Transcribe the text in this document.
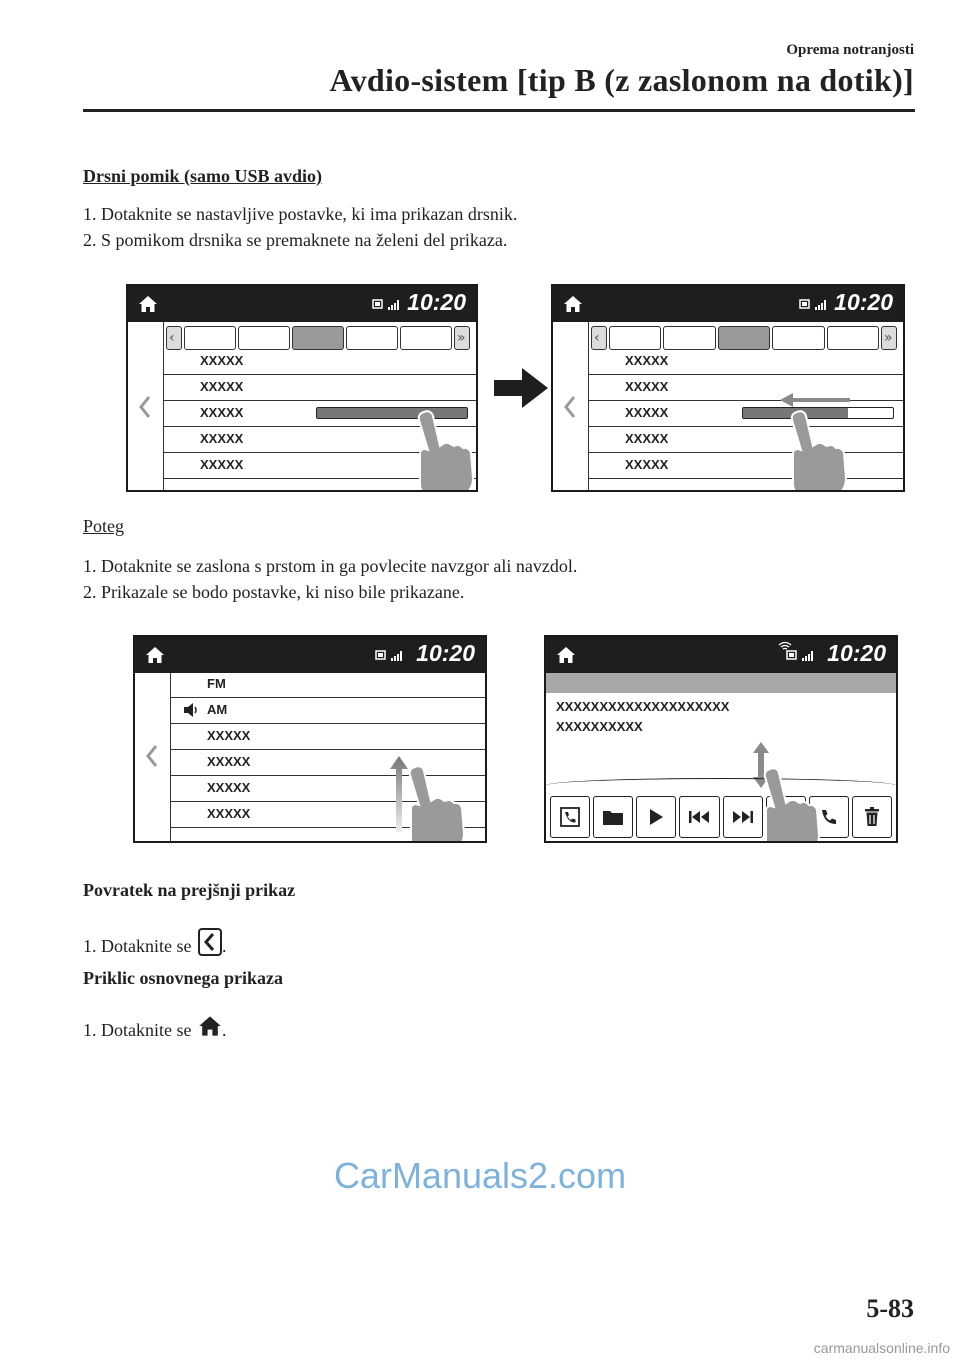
Oprema notranjosti
Avdio-sistem [tip B (z zaslonom na dotik)]
Drsni pomik (samo USB avdio)
1. Dotaknite se nastavljive postavke, ki ima prikazan drsnik.
2. S pomikom drsnika se premaknete na želeni del prikaza.
10:20
‹	»
XXXXX
XXXXX
XXXXX
XXXXX
XXXXX
10:20
‹	»
XXXXX
XXXXX
XXXXX
XXXXX
XXXXX
Poteg
1. Dotaknite se zaslona s prstom in ga povlecite navzgor ali navzdol.
2. Prikazale se bodo postavke, ki niso bile prikazane.
10:20
FM
AM
XXXXX
XXXXX
XXXXX
XXXXX
10:20
XXXXXXXXXXXXXXXXXXXX
XXXXXXXXXX
Povratek na prejšnji prikaz
1. Dotaknite se .
Priklic osnovnega prikaza
1. Dotaknite se .
CarManuals2.com
5-83
carmanualsonline.info
